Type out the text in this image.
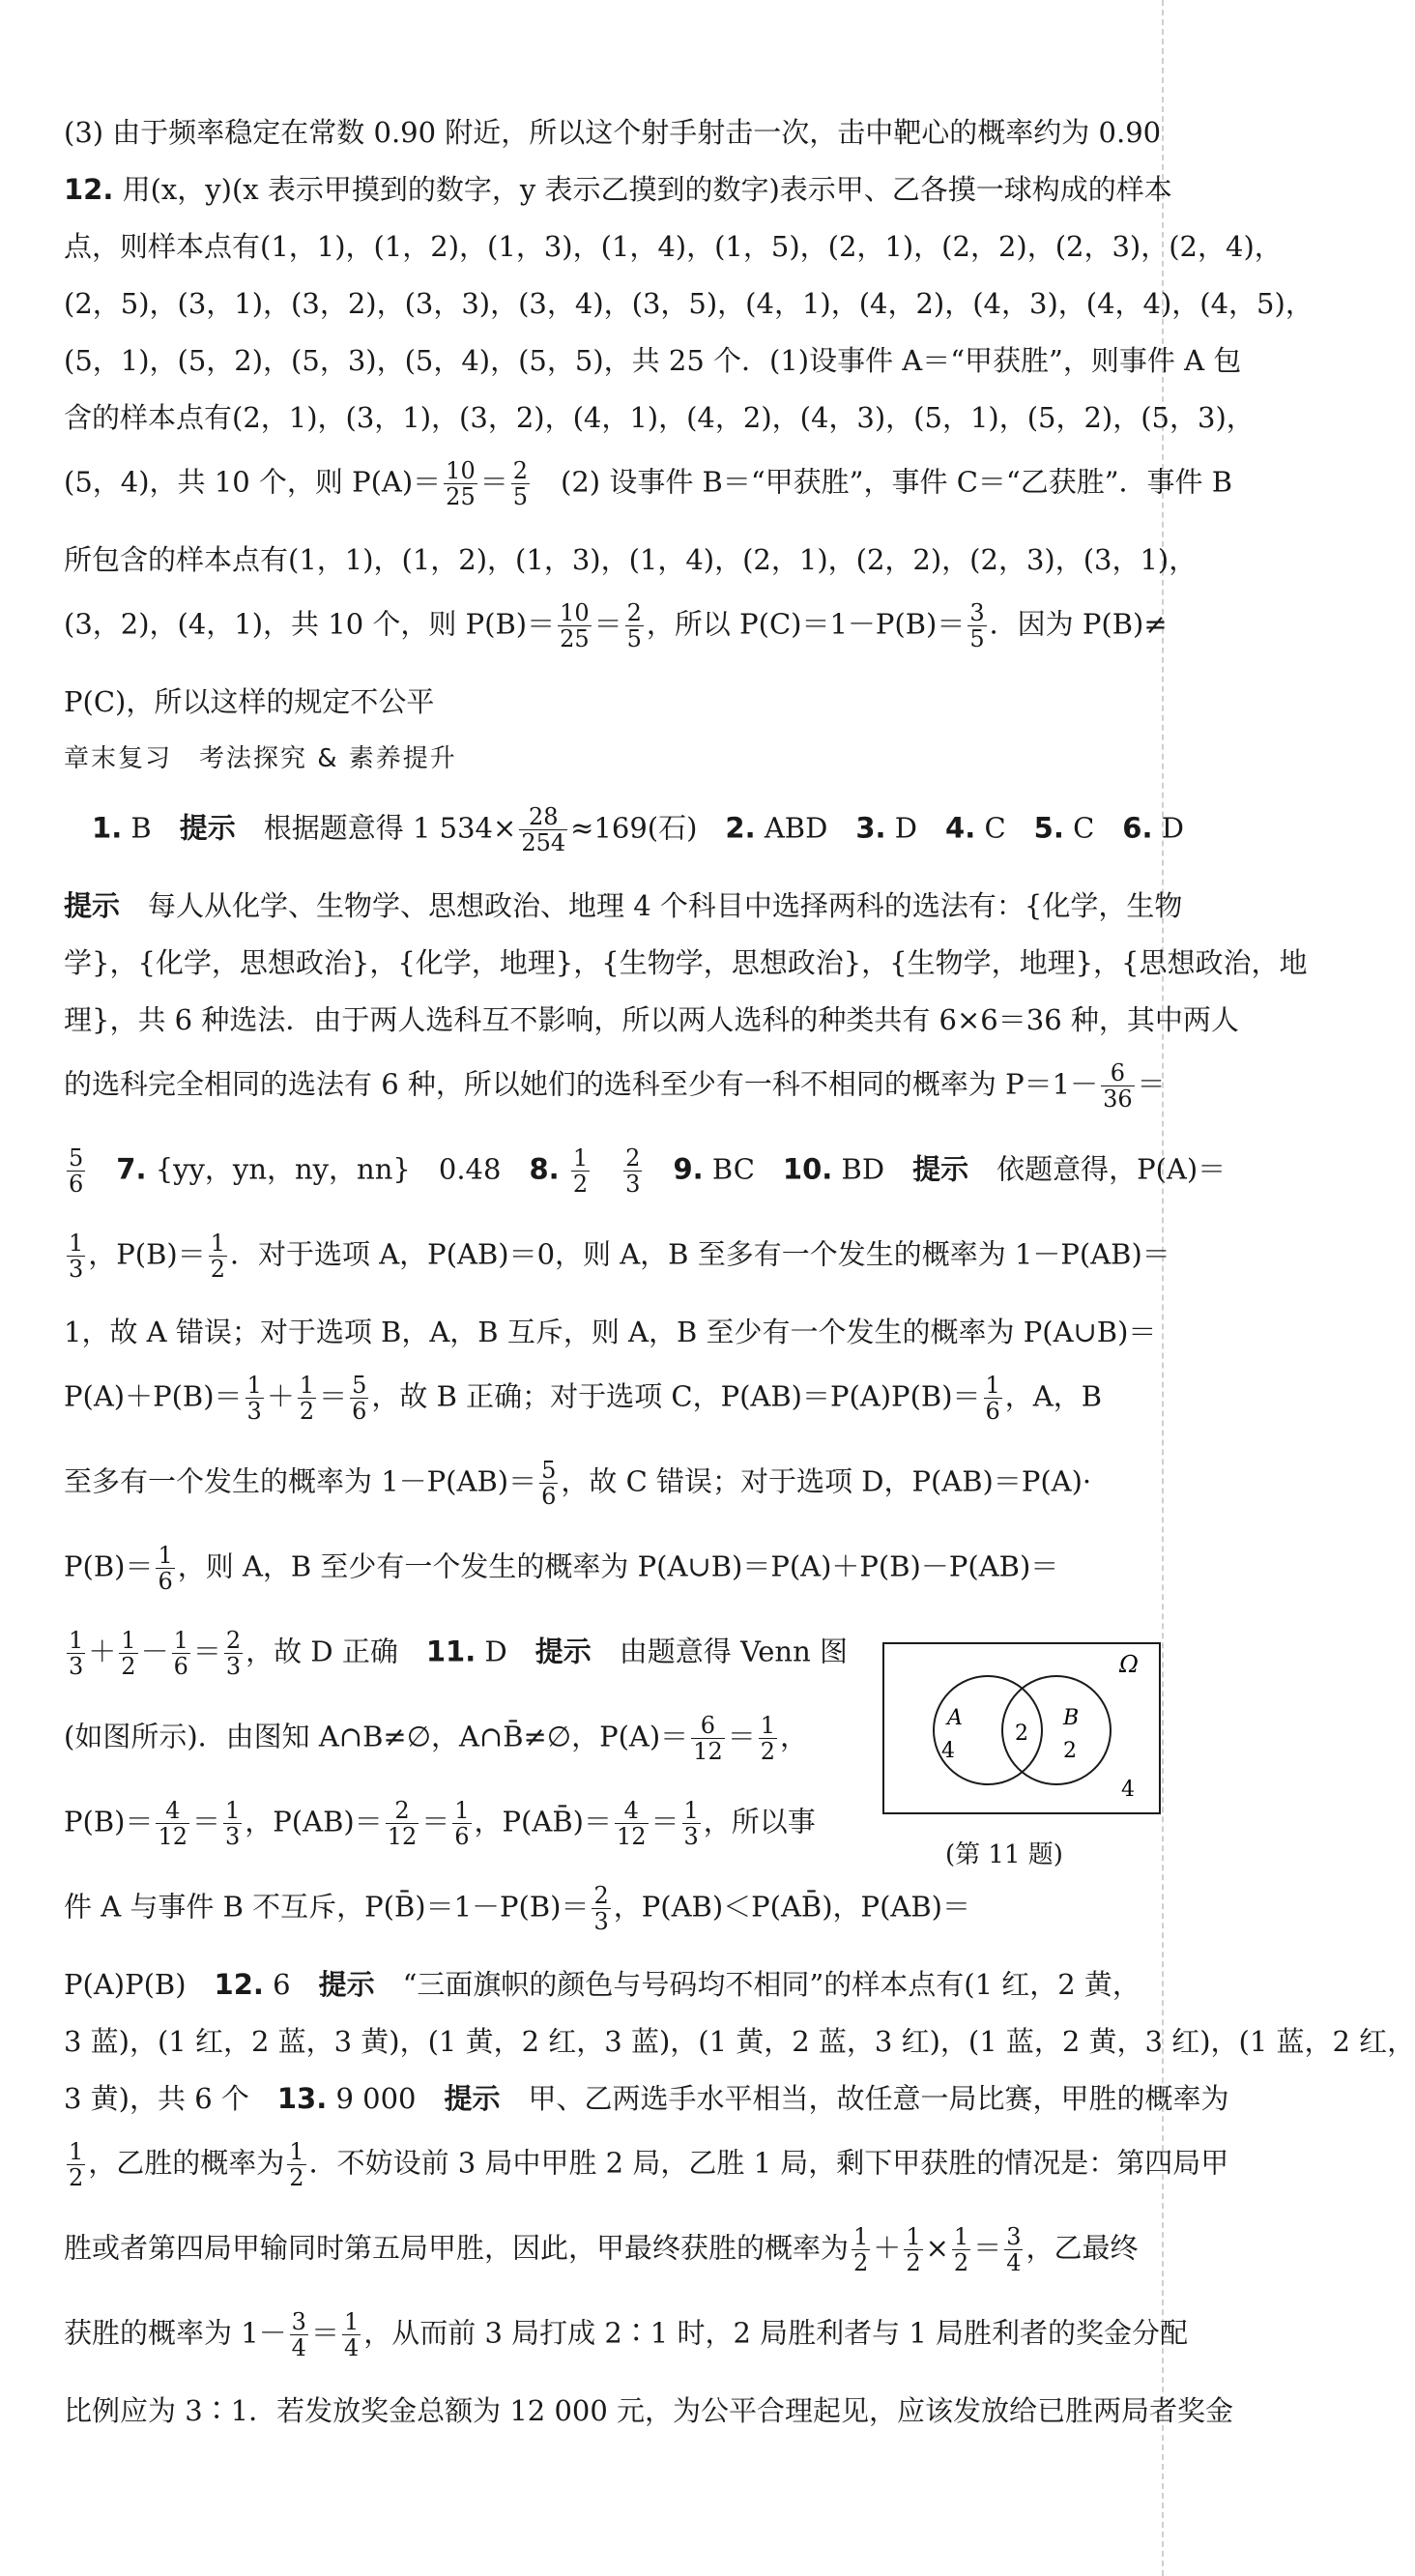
(3) 由于频率稳定在常数 0.90 附近，所以这个射手射击一次，击中靶心的概率约为 0.90
12. 用(x，y)(x 表示甲摸到的数字，y 表示乙摸到的数字)表示甲、乙各摸一球构成的样本
点，则样本点有(1，1)，(1，2)，(1，3)，(1，4)，(1，5)，(2，1)，(2，2)，(2，3)，(2，4)，
(2，5)，(3，1)，(3，2)，(3，3)，(3，4)，(3，5)，(4，1)，(4，2)，(4，3)，(4，4)，(4，5)，
(5，1)，(5，2)，(5，3)，(5，4)，(5，5)，共 25 个．(1)设事件 A＝“甲获胜”，则事件 A 包
含的样本点有(2，1)，(3，1)，(3，2)，(4，1)，(4，2)，(4，3)，(5，1)，(5，2)，(5，3)，
(5，4)，共 10 个，则 $P(A)= \frac{10}{25} = \frac{2}{5}$ 　(2) 设事件 B＝“甲获胜”，事件 C＝“乙获胜”．事件 B
所包含的样本点有(1，1)，(1，2)，(1，3)，(1，4)，(2，1)，(2，2)，(2，3)，(3，1)，
(3，2)，(4，1)，共 10 个，则 $P(B)= \frac{10}{25} = \frac{2}{5}$ ，所以 $P(C)=1-P(B)= \frac{3}{5}$ ．因为 P(B)≠
P(C)，所以这样的规定不公平
章末复习　考法探究 & 素养提升
　1. B　提示　根据题意得 1 $534\times \frac{28}{254} \approx 169$(石)　2. ABD　3. D　4. C　5. C　6. D
提示　每人从化学、生物学、思想政治、地理 4 个科目中选择两科的选法有：{化学，生物
学}，{化学，思想政治}，{化学，地理}，{生物学，思想政治}，{生物学，地理}，{思想政治，地
理}，共 6 种选法．由于两人选科互不影响，所以两人选科的种类共有 6×6＝36 种，其中两人
的选科完全相同的选法有 6 种，所以她们的选科至少有一科不相同的概率为 $P=1- \frac{6}{36}$ ＝
$\frac{5}{6}$
　 7. {yy，yn，ny，nn}　0.48　8. $\frac{1}{2}$
　 $\frac{2}{3}$
　 9. BC　10. BD　提示　依题意得，P(A)＝
$\frac{1}{3}$ ，$P(B)= \frac{1}{2}$ ．对于选项 A，P(AB)＝0，则 A，B 至多有一个发生的概率为 1－P(AB)＝
1，故 A 错误；对于选项 B，A，B 互斥，则 A，B 至少有一个发生的概率为 P(A∪B)＝
$P(A)+P(B)= \frac{1}{3} + \frac{1}{2} = \frac{5}{6}$ ，故 B 正确；对于选项 C，$P(AB)=P(A)P(B)= \frac{1}{6}$ ，A，B
至多有一个发生的概率为 $1-P(AB)= \frac{5}{6}$ ，故 C 错误；对于选项 D，P(AB)＝P(A)·
$P(B)= \frac{1}{6}$ ，则 A，B 至少有一个发生的概率为 P(A∪B)＝P(A)＋P(B)－P(AB)＝
$\frac{1}{3} + \frac{1}{2} - \frac{1}{6} = \frac{2}{3}$ ，故 D 正确　11. D　提示　由题意得 Venn 图
(如图所示)．由图知 A∩B≠∅，A∩B̄≠∅，$P(A)= \frac{6}{12} = \frac{1}{2}$ ，
$P(B)= \frac{4}{12} = \frac{1}{3}$ ，$P(AB)= \frac{2}{12} = \frac{1}{6}$ ，P(AB̄)＝ $\frac{4}{12} = \frac{1}{3}$ ，所以事
件 A 与事件 B 不互斥，P(B̄)＝1－P(B)＝ $\frac{2}{3}$ ，P(AB)＜P(AB̄)，P(AB)＝
P(A)P(B)　12. 6　提示　“三面旗帜的颜色与号码均不相同”的样本点有(1 红，2 黄，
3 蓝)，(1 红，2 蓝，3 黄)，(1 黄，2 红，3 蓝)，(1 黄，2 蓝，3 红)，(1 蓝，2 黄，3 红)，(1 蓝，2 红，
3 黄)，共 6 个　13. 9 000　提示　甲、乙两选手水平相当，故任意一局比赛，甲胜的概率为
$\frac{1}{2}$ ，乙胜的概率为 $\frac{1}{2}$ ．不妨设前 3 局中甲胜 2 局，乙胜 1 局，剩下甲获胜的情况是：第四局甲
胜或者第四局甲输同时第五局甲胜，因此，甲最终获胜的概率为 $\frac{1}{2} + \frac{1}{2} \times \frac{1}{2} = \frac{3}{4}$ ，乙最终
获胜的概率为 $1- \frac{3}{4} = \frac{1}{4}$ ，从而前 3 局打成 2∶1 时，2 局胜利者与 1 局胜利者的奖金分配
比例应为 3∶1．若发放奖金总额为 12 000 元，为公平合理起见，应该发放给已胜两局者奖金
Ω
A
4
2
B
2
4
(第 11 题)
